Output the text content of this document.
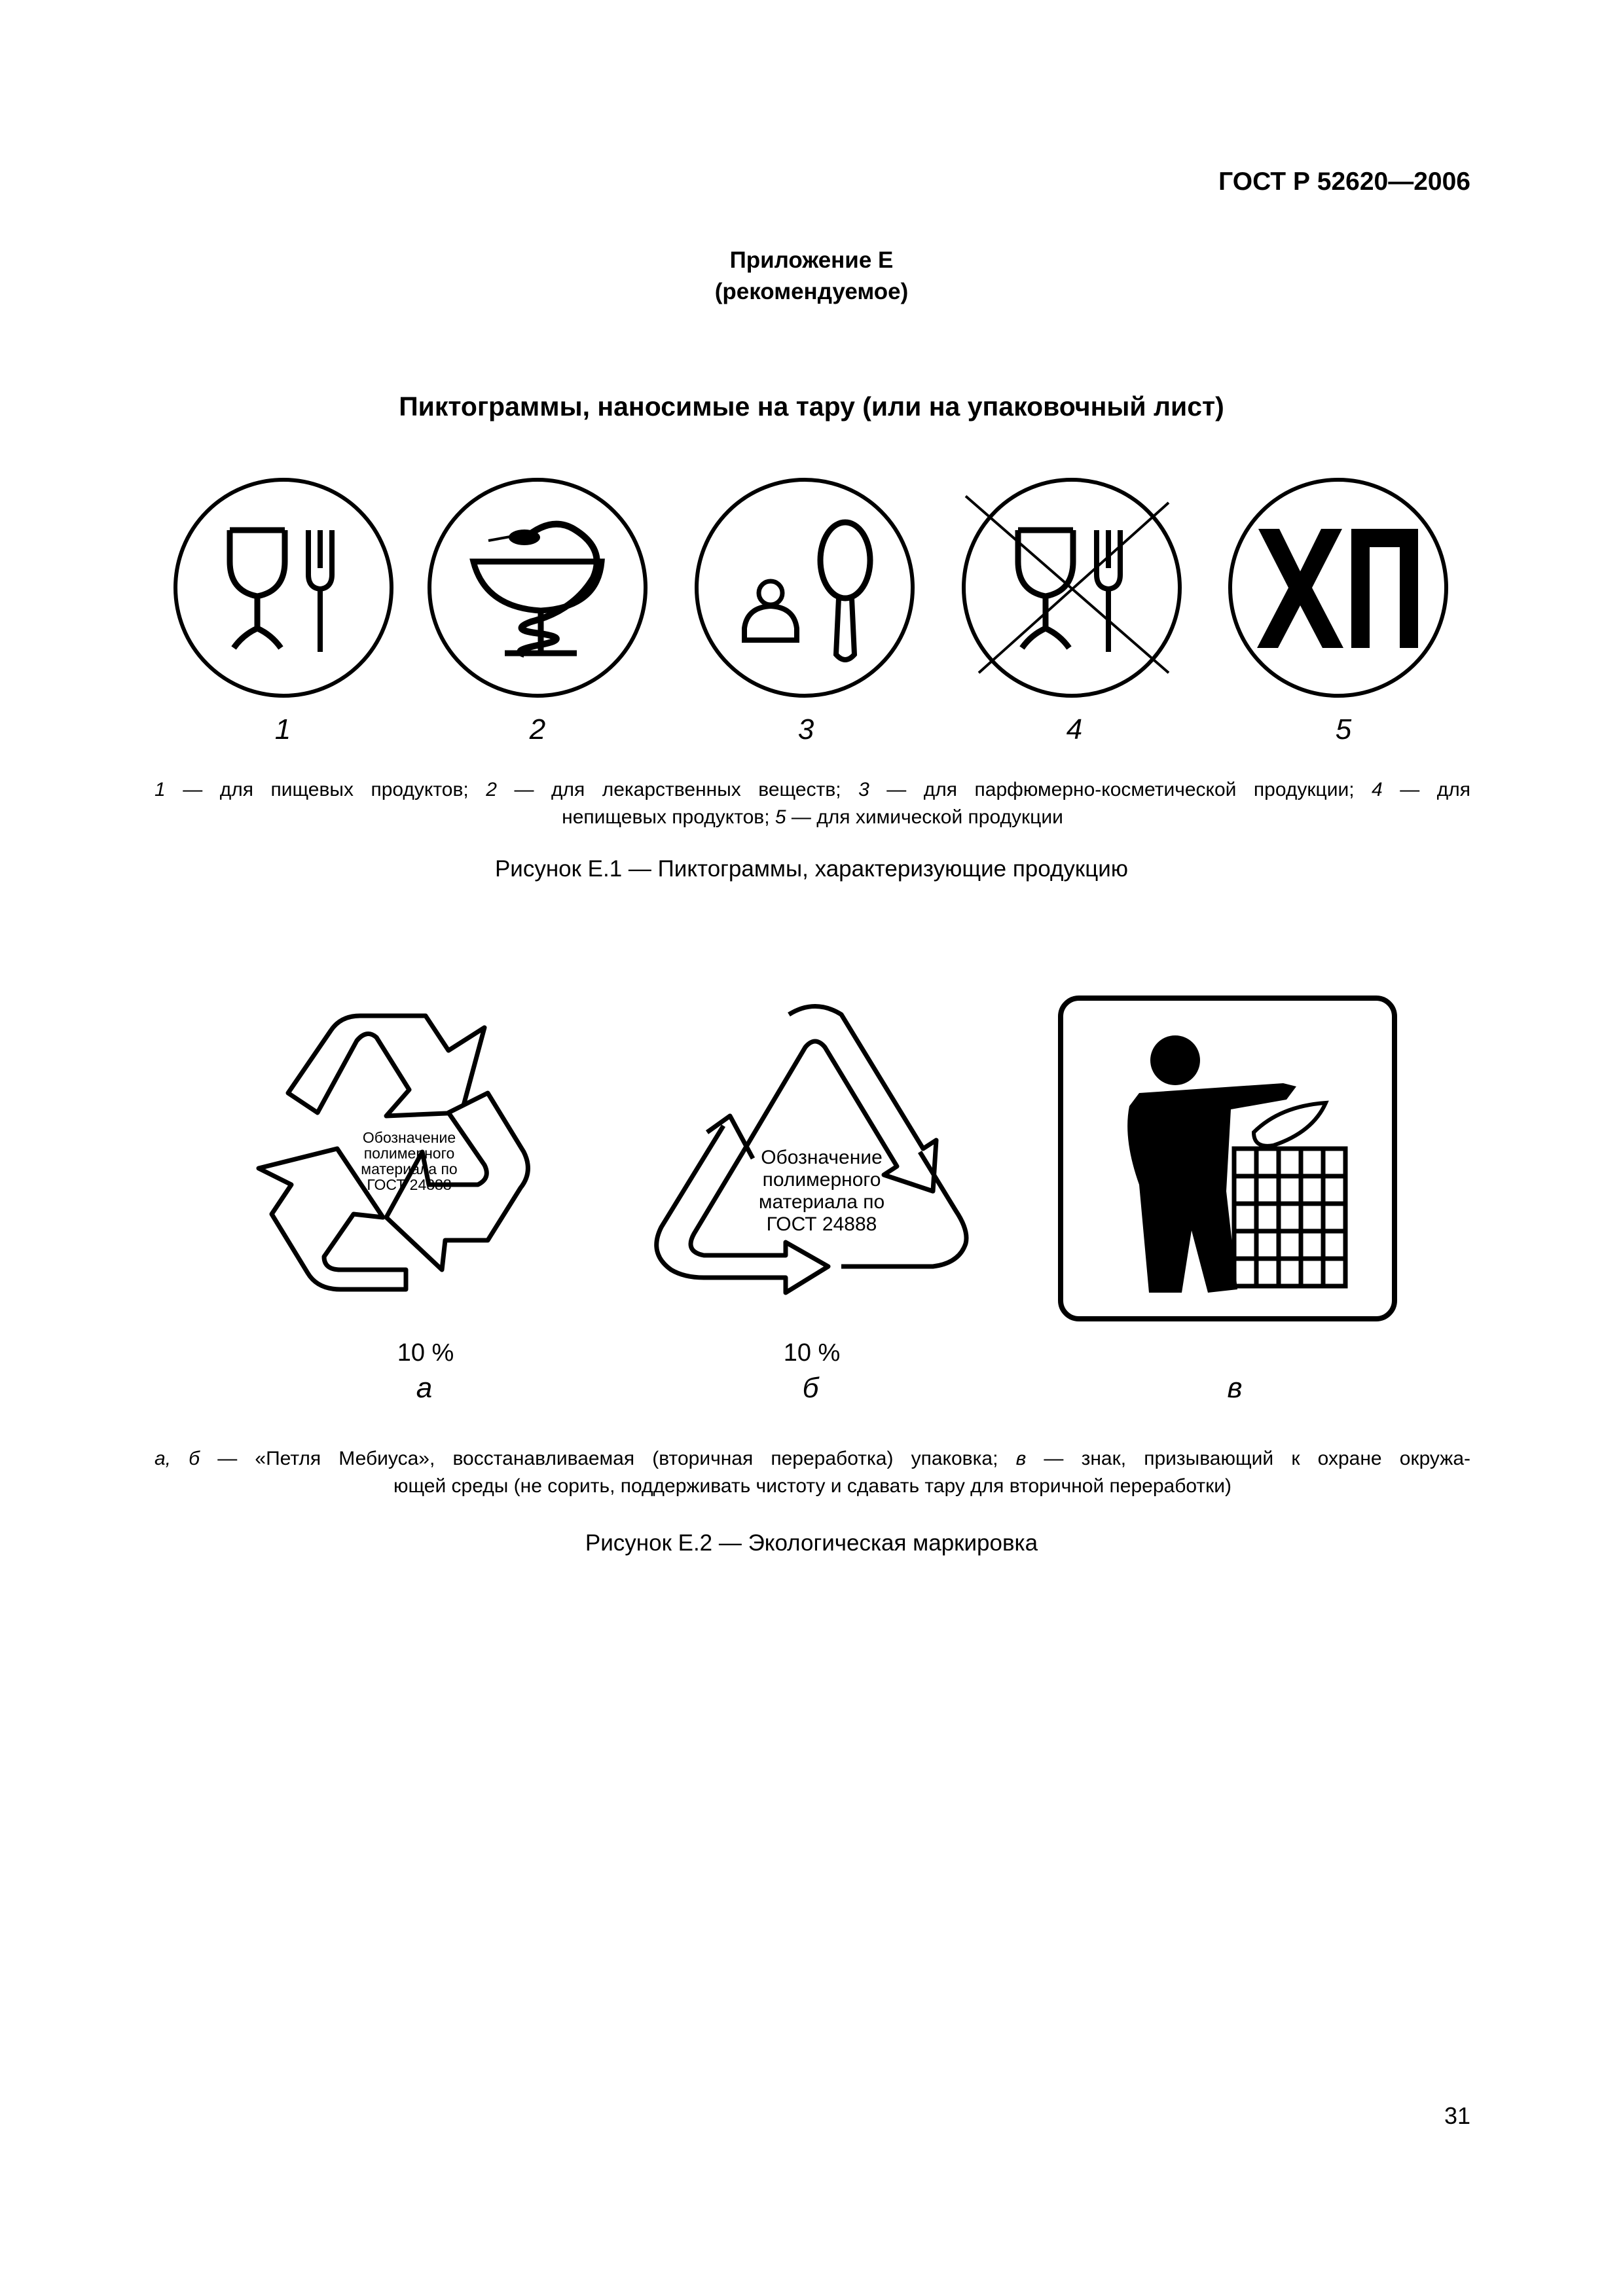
ГОСТ Р 52620—2006
Приложение Е
(рекомендуемое)
Пиктограммы, наносимые на тару (или на упаковочный лист)
1	2	3	4	5
1 — для пищевых продуктов; 2 — для лекарственных веществ; 3 — для парфюмерно-косметической продукции; 4 — для
непищевых продуктов; 5 — для химической продукции
Рисунок Е.1 — Пиктограммы, характеризующие продукцию
Обозначение
полимерного
материала по
ГОСТ 24888
Обозначение
полимерного
материала по
ГОСТ 24888
10 %	10 %
а	б	в
а, б — «Петля Мебиуса», восстанавливаемая (вторичная переработка) упаковка; в — знак, призывающий к охране окружа-
ющей среды (не сорить, поддерживать чистоту и сдавать тару для вторичной переработки)
Рисунок Е.2 — Экологическая маркировка
31
